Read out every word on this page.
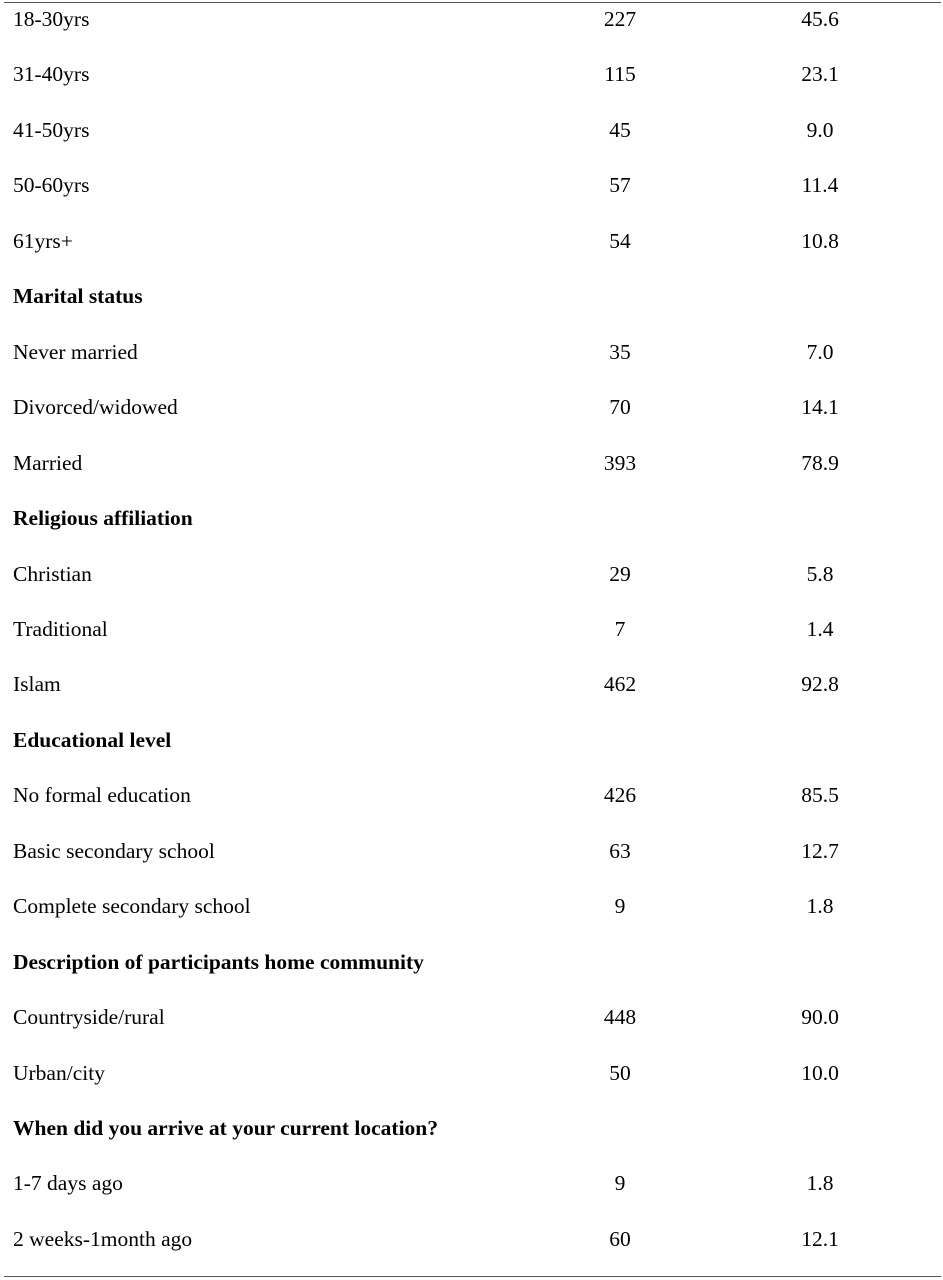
18-30yrs	227	45.6
31-40yrs	115	23.1
41-50yrs	45	9.0
50-60yrs	57	11.4
61yrs+	54	10.8
Marital status
Never married	35	7.0
Divorced/widowed	70	14.1
Married	393	78.9
Religious affiliation
Christian	29	5.8
Traditional	7	1.4
Islam	462	92.8
Educational level
No formal education	426	85.5
Basic secondary school	63	12.7
Complete secondary school	9	1.8
Description of participants home community
Countryside/rural	448	90.0
Urban/city	50	10.0
When did you arrive at your current location?
1-7 days ago	9	1.8
2 weeks-1month ago	60	12.1
